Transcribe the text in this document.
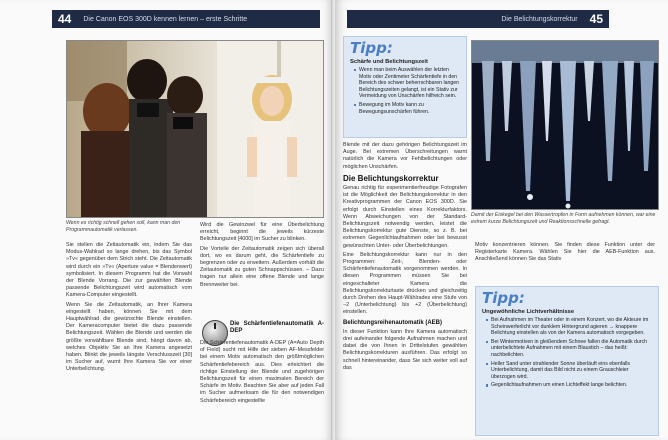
44	Die Canon EOS 300D kennen lernen – erste Schritte
Wenn es richtig schnell gehen soll, kann man den Programmautomatik verlassen.

Sie stellen die Zeitautomatik ein, indem Sie das Modus-Wahlrad so lange drehen, bis das Symbol »Tv« gegenüber dem Strich steht. Die Zeitautomatik wird durch ein »Tv« (Aperture value = Blendenwert) symbolisiert. In diesem Programm hat die Vorwahl der Blende Vorrang. Die zur gewählten Blende passende Belichtungszeit wird automatisch vom Kamera-Computer eingestellt.

Wenn Sie die Zeitautomatik, an Ihrer Kamera eingestellt haben, können Sie mit dem Hauptwählrad die gewünschte Blende einstellen. Der Kameracomputer bietet die dazu passende Belichtungszeit. Wählen die Blende und werden die größte vorwählbare Blende sind, hängt davon ab, welches Objektiv Sie an Ihre Kamera angesetzt haben. Blinkt die jeweils längste Verschlusszeit [30] im Sucher auf, wurnt Ihre Kamera Sie vor einer Unterbelichtung.

Wird die Gewinzwel für eine Überbelichtung erreicht, beginnt die jeweils kürzeste Belichtungszeit [4000] im Sucher zu blinken.

Die Vorteile der Zeitautomatik zeigen sich überall dort, wo es darum geht, die Schärfentiefe zu begrenzen oder zu erweitern. Außerdem vorhält die Zeitautomatik zu guten Schnappschüssen. – Dazu tragen nur allein eine offene Blende und lange Brennweiter bei.

Die Schärfentiefenautomatik A-DEP
Die Schärfentiefenautomatik A-DEP (A=Auto Depth of Field) sucht mit Hilfe der sieben AF-Messfelder bei einem Motiv automatisch den größtmöglichen Schärfentiefebereich aus. Dies erleichtert die richtige Einstellung der Blende und zugehörigen Belichtungszeit für einen maximalen Bereich der Schärfe im Motiv. Beachten Sie aber auf jeden Fall im Sucher aufmerksam die für den notwendigen Schärfebereich eingestellte
Die Belichtungskorrektur	45
Tipp:
Schärfe und Belichtungszeit
Wenn man beim Auswählen der letzten Motiv oder Zentimeter Schärfentiefe in den Bereich des schwer beherrschbaren langen Belichtungszeiten gelangt, ist ein Stativ zur Vermeidung von Unschärfen hilfreich sein.
Bewegung im Motiv kann zu Bewegungsunschärfen führen.

Blende mit der dazu gehörigen Belichtungszeit im Auge. Bei extremen Überschreitungen warnt natürlich die Kamera vor Fehlbelichtungen oder möglichen Unschärfen.

Die Belichtungskorrektur

Genau richtig für experimentierfreudige Fotografen ist die Möglichkeit der Belichtungskorrektur in den Kreativprogrammen der Canon EOS 300D. Sie erfolgt durch Einstellen eines Korrekturfaktors. Wenn Abweichungen von der Standard-Belichtungszeit notwendig werden, leistet die Belichtungskorrektur gute Dienste, so z. B. bei extremen Gegenlichtaufnahmen oder bei bewusst gewünschten Unter- oder Überbelichtungen.

Eine Belichtungskorrektur kann nur in den Programmen: Zeit-, Blenden- oder Schärfentiefenautomatik vorgenommen werden. In diesen Programmen müssen Sie bei eingeschalteter Kamera die Belichtungskorrekturtaste drücken und gleichzeitig durch Drehen des Haupt-Wählrades eine Stufe von −2 (Unterbelichtung) bis +2 (Überbelichtung) einstellen.

Belichtungsreihenautomatik (AEB)

In dieser Funktion kann Ihre Kamera automatisch drei aufeinander folgende Aufnahmen machen und dabei die von Ihnen in Drittelstufen gewählten Belichtungskorrekturen ausführen. Das erfolgt so schnell hintereinander, dass Sie sich weiter voll auf das

Damit der Eiskegel bei den Wassertropfen in Form aufnehmen können, war eine extrem kurze Belichtungszeit und Reaktionsschnelle gefragt.
Motiv konzentrieren können. Sie finden diese Funktion unter der Registerkarte Kamera. Wählen Sie hier die AEB-Funktion aus. Anschließend können Sie das Stativ
Tipp:
Ungewöhnliche Lichtverhältnisse
Bei Aufnahmen im Theater oder in einem Konzert, wo die Akteure im Scheinwerferlicht vor dunklem Hintergrund agieren → knappere Belichtung einstellen als von der Kamera automatisch vorgegeben.
Bei Wintermotiven in gleißendem Schnee fallen die Automatik durch unterbelichtete Aufnahmen mit einem Blaustich – das heißt: nachbelichten.
Heller Sand unter strahlender Sonne überläuft eins ebenfalls Unterbelichtung, damit das Bild nicht zu einem Grauschleier überzogen wird.
Gegenlichtaufnahmen um einen Lichteffekt lange belichten.
